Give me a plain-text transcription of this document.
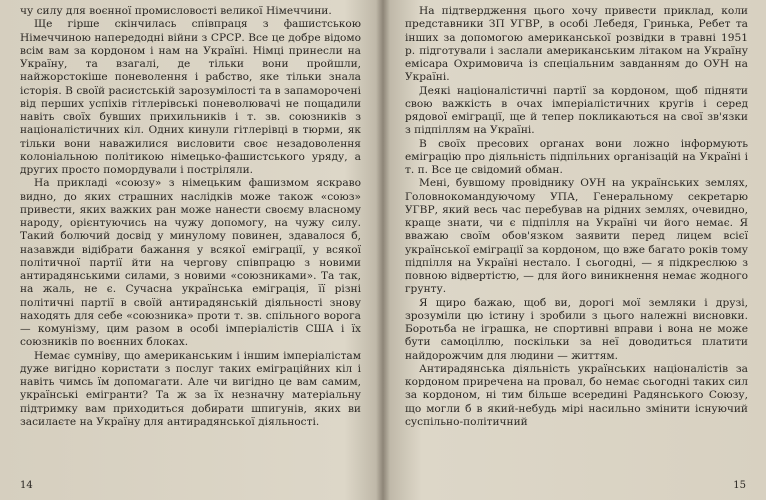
чу силу для воєнної промисловості великої Німеччини.

Ще гірше скінчилась співпраця з фашистською Німеччиною напередодні війни з СРСР. Все це добре відомо всім вам за кордоном і нам на Україні. Німці принесли на Україну, та взагалі, де тільки вони пройшли, найжорстокіше поневолення і рабство, яке тільки знала історія. В своїй расистській зарозумілості та в запаморочені від перших успіхів гітлерівські поневолювачі не пощадили навіть своїх бувших прихильників і т. зв. союзників з націоналістичних кіл. Одних кинули гітлерівці в тюрми, як тільки вони наважилися висловити своє незадоволення колоніальною політикою німецько-фашистського уряду, а других просто помордували і постріляли.

На прикладі «союзу» з німецьким фашизмом яскраво видно, до яких страшних наслідків може також «союз» привести, яких важких ран може нанести своєму власному народу, орієнтуючись на чужу допомогу, на чужу силу. Такий болючий досвід у минулому повинен, здавалося б, назавжди відібрати бажання у всякої еміграції, у всякої політичної партії йти на чергову співпрацю з новими антирадянськими силами, з новими «союзниками». Та так, на жаль, не є. Сучасна українська еміграція, її різні політичні партії в своїй антирадянській діяльності знову находять для себе «союзника» проти т. зв. спільного ворога — комунізму, цим разом в особі імперіалістів США і їх союзників по воєнних блоках.

Немає сумніву, що американським і іншим імперіалістам дуже вигідно користати з послуг таких еміграційних кіл і навіть чимсь їм допомагати. Але чи вигідно це вам самим, українські емігранти? Та ж за їх незначну матеріальну підтримку вам приходиться добирати шпигунів, яких ви засилаєте на Україну для антирадянської діяльності.

14

На підтвердження цього хочу привести приклад, коли представники ЗП УГВР, в особі Лебедя, Гринька, Ребет та інших за допомогою американської розвідки в травні 1951 р. підготували і заслали американським літаком на Україну емісара Охримовича із спеціальним завданням до ОУН на Україні.

Деякі націоналістичні партії за кордоном, щоб підняти свою важкість в очах імперіалістичних кругів і серед рядової еміграції, ще й тепер покликаються на свої зв'язки з підпіллям на Україні.

В своїх пресових органах вони ложно інформують еміграцію про діяльність підпільних організацій на Україні і т. п. Все це свідомий обман.

Мені, бувшому провіднику ОУН на українських землях, Головнокомандуючому УПА, Генеральному секретарю УГВР, який весь час перебував на рідних землях, очевидно, краще знати, чи є підпілля на Україні чи його немає. Я вважаю своїм обов'язком заявити перед лицем всієї української еміграції за кордоном, що вже багато років тому підпілля на Україні нестало. І сьогодні, — я підкреслюю з повною відвертістю, — для його виникнення немає жодного грунту.

Я щиро бажаю, щоб ви, дорогі мої земляки і друзі, зрозуміли цю істину і зробили з цього належні висновки. Боротьба не іграшка, не спортивні вправи і вона не може бути самоціллю, поскільки за неї доводиться платити найдорожчим для людини — життям.

Антирадянська діяльність українських націоналістів за кордоном приречена на провал, бо немає сьогодні таких сил за кордоном, ні тим більше всередині Радянського Союзу, що могли б в який-небудь мірі насильно змінити існуючий суспільно-політичний

15
